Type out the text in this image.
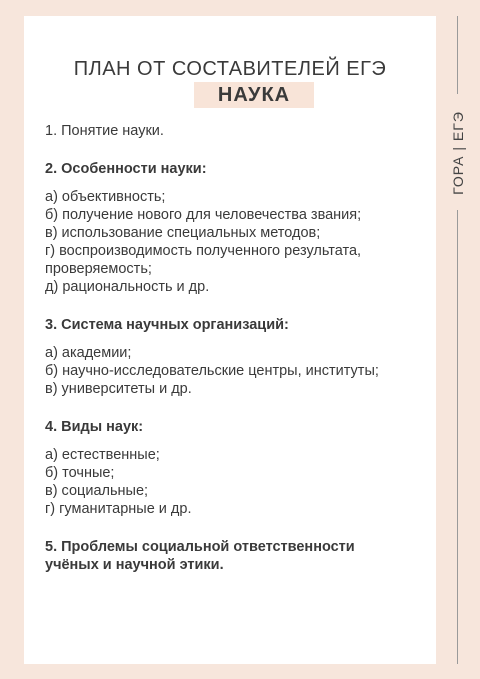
ПЛАН ОТ СОСТАВИТЕЛЕЙ ЕГЭ
НАУКА

1. Понятие науки.

2. Особенности науки:

а) объективность;

б) получение нового для человечества звания;

в) использование специальных методов;

г) воспроизводимость полученного результата,

проверяемость;

д) рациональность и др.

3. Система научных организаций:

а) академии;

б) научно-исследовательские центры, институты;

в) университеты и др.

4. Виды наук:

а) естественные;

б) точные;

в) социальные;

г) гуманитарные и др.

5. Проблемы социальной ответственности

учёных и научной этики.

ГОРА | ЕГЭ
